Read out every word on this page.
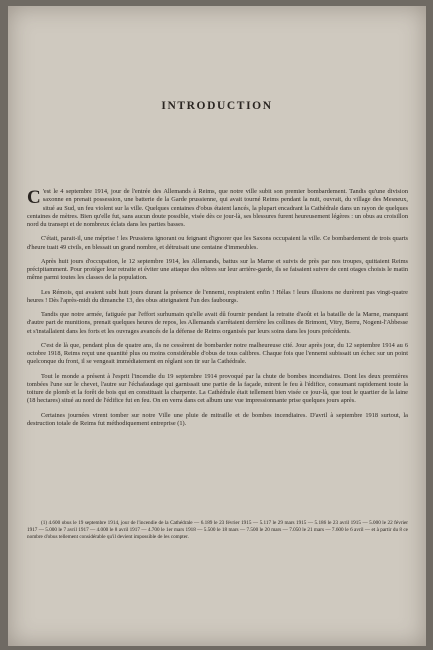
INTRODUCTION

C 'est le 4 septembre 1914, jour de l'entrée des Allemands à Reims, que notre ville subit son premier bombardement. Tandis qu'une division saxonne en prenait possession, une batterie de la Garde prussienne, qui avait tourné Reims pendant la nuit, ouvrait, du village des Mesneux, situé au Sud, un feu violent sur la ville. Quelques centaines d'obus étaient lancés, la plupart encadrant la Cathédrale dans un rayon de quelques centaines de mètres. Bien qu'elle fut, sans aucun doute possible, visée dès ce jour-là, ses blessures furent heureusement légères : un obus au croisillon nord du transept et de nombreux éclats dans les parties basses.

C'était, parait-il, une méprise ! les Prussiens ignorant ou feignant d'ignorer que les Saxons occupaient la ville. Ce bombardement de trois quarts d'heure tuait 49 civils, en blessait un grand nombre, et détruisait une centaine d'immeubles.

Après huit jours d'occupation, le 12 septembre 1914, les Allemands, battus sur la Marne et suivis de près par nos troupes, quittaient Reims précipitamment. Pour protéger leur retraite et éviter une attaque des nôtres sur leur arrière-garde, ils se faisaient suivre de cent otages choisis le matin même parmi toutes les classes de la population.

Les Rémois, qui avaient subi huit jours durant la présence de l'ennemi, respiraient enfin ! Hélas ! leurs illusions ne durèrent pas vingt-quatre heures ! Dès l'après-midi du dimanche 13, des obus atteignaient l'un des faubourgs.

Tandis que notre armée, fatiguée par l'effort surhumain qu'elle avait dû fournir pendant la retraite d'août et la bataille de la Marne, manquant d'autre part de munitions, prenait quelques heures de repos, les Allemands s'arrêtaient derrière les collines de Brimont, Vitry, Berru, Nogent-l'Abbesse et s'installaient dans les forts et les ouvrages avancés de la défense de Reims organisés par leurs soins dans les jours précédents.

C'est de là que, pendant plus de quatre ans, ils ne cessèrent de bombarder notre malheureuse cité. Jour après jour, du 12 septembre 1914 au 6 octobre 1918, Reims reçut une quantité plus ou moins considérable d'obus de tous calibres. Chaque fois que l'ennemi subissait un échec sur un point quelconque du front, il se vengeait immédiatement en réglant son tir sur la Cathédrale.

Tout le monde a présent à l'esprit l'incendie du 19 septembre 1914 provoqué par la chute de bombes incendiaires. Dont les deux premières tombées l'une sur le chevet, l'autre sur l'échafaudage qui garnissait une partie de la façade, mirent le feu à l'édifice, consumant rapidement toute la toiture de plomb et la forêt de bois qui en constituait la charpente. La Cathédrale était tellement bien visée ce jour-là, que tout le quartier de la laine (18 hectares) situé au nord de l'édifice fut en feu. On en verra dans cet album une vue impressionnante prise quelques jours après.

Certaines journées virent tomber sur notre Ville une pluie de mitraille et de bombes incendiaires. D'avril à septembre 1918 surtout, la destruction totale de Reims fut méthodiquement entreprise (1).

(1) 4.600 obus le 19 septembre 1914, jour de l'incendie de la Cathédrale — 6.189 le 23 février 1915 — 5.117 le 29 mars 1915 — 5.186 le 23 avril 1915 — 5.000 le 22 février 1917 — 5.000 le 7 avril 1917 — 4.000 le 8 avril 1917 — 4.700 le 1er mars 1918 — 5.500 le 18 mars — 7.500 le 20 mars — 7.050 le 21 mars — 7.600 le 6 avril — et à partir du 8 ce nombre d'obus tellement considérable qu'il devient impossible de les compter.
